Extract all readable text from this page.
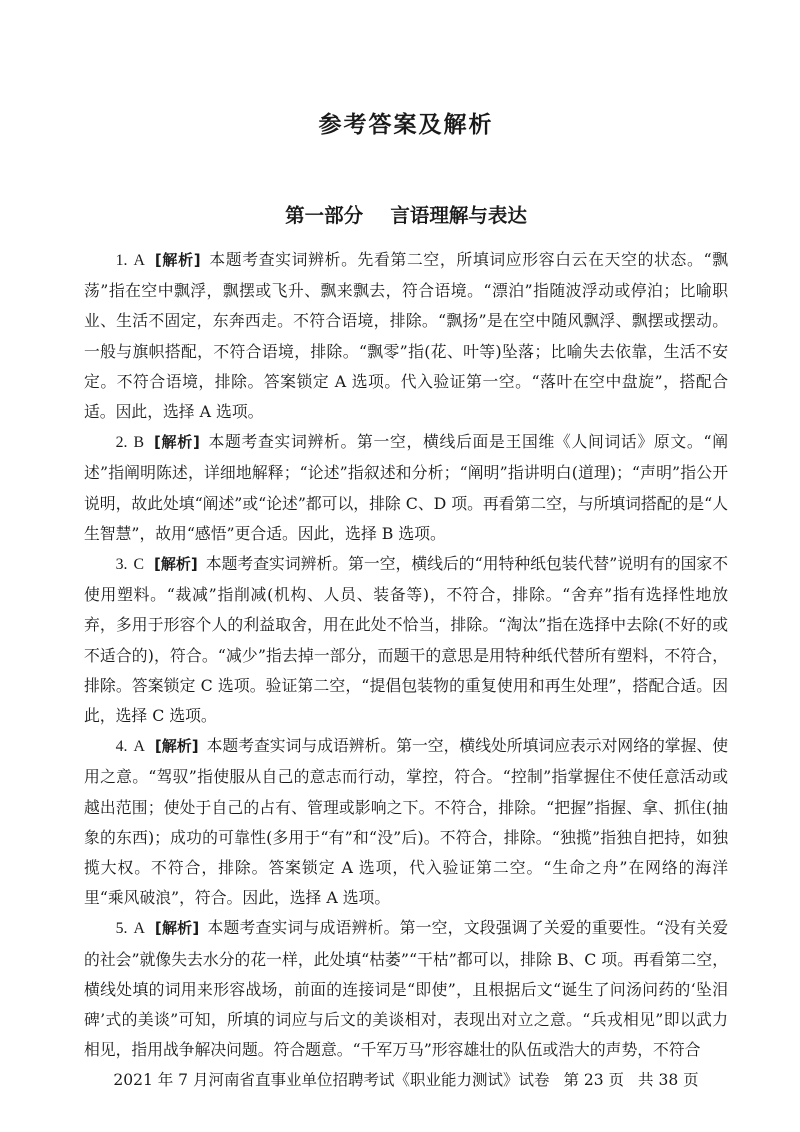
参考答案及解析
第一部分    言语理解与表达

1. A [解析] 本题考查实词辨析。先看第二空，所填词应形容白云在天空的状态。“飘荡”指在空中飘浮，飘摆或飞升、飘来飘去，符合语境。“漂泊”指随波浮动或停泊；比喻职业、生活不固定，东奔西走。不符合语境，排除。“飘扬”是在空中随风飘浮、飘摆或摆动。一般与旗帜搭配，不符合语境，排除。“飘零”指(花、叶等)坠落；比喻失去依靠，生活不安定。不符合语境，排除。答案锁定 A 选项。代入验证第一空。“落叶在空中盘旋”，搭配合适。因此，选择 A 选项。

2. B [解析] 本题考查实词辨析。第一空，横线后面是王国维《人间词话》原文。“阐述”指阐明陈述，详细地解释；“论述”指叙述和分析；“阐明”指讲明白(道理)；“声明”指公开说明，故此处填“阐述”或“论述”都可以，排除 C、D 项。再看第二空，与所填词搭配的是“人生智慧”，故用“感悟”更合适。因此，选择 B 选项。

3. C [解析] 本题考查实词辨析。第一空，横线后的“用特种纸包装代替”说明有的国家不使用塑料。“裁减”指削减(机构、人员、装备等)，不符合，排除。“舍弃”指有选择性地放弃，多用于形容个人的利益取舍，用在此处不恰当，排除。“淘汰”指在选择中去除(不好的或不适合的)，符合。“减少”指去掉一部分，而题干的意思是用特种纸代替所有塑料，不符合，排除。答案锁定 C 选项。验证第二空，“提倡包装物的重复使用和再生处理”，搭配合适。因此，选择 C 选项。

4. A [解析] 本题考查实词与成语辨析。第一空，横线处所填词应表示对网络的掌握、使用之意。“驾驭”指使服从自己的意志而行动，掌控，符合。“控制”指掌握住不使任意活动或越出范围；使处于自己的占有、管理或影响之下。不符合，排除。“把握”指握、拿、抓住(抽象的东西)；成功的可靠性(多用于“有”和“没”后)。不符合，排除。“独揽”指独自把持，如独揽大权。不符合，排除。答案锁定 A 选项，代入验证第二空。“生命之舟”在网络的海洋里“乘风破浪”，符合。因此，选择 A 选项。

5. A [解析] 本题考查实词与成语辨析。第一空，文段强调了关爱的重要性。“没有关爱的社会”就像失去水分的花一样，此处填“枯萎”“干枯”都可以，排除 B、C 项。再看第二空，横线处填的词用来形容战场，前面的连接词是“即使”，且根据后文“诞生了问汤问药的‘坠泪碑’式的美谈”可知，所填的词应与后文的美谈相对，表现出对立之意。“兵戎相见”即以武力相见，指用战争解决问题。符合题意。“千军万马”形容雄壮的队伍或浩大的声势，不符合

2021 年 7 月河南省直事业单位招聘考试《职业能力测试》试卷 第 23 页 共 38 页
